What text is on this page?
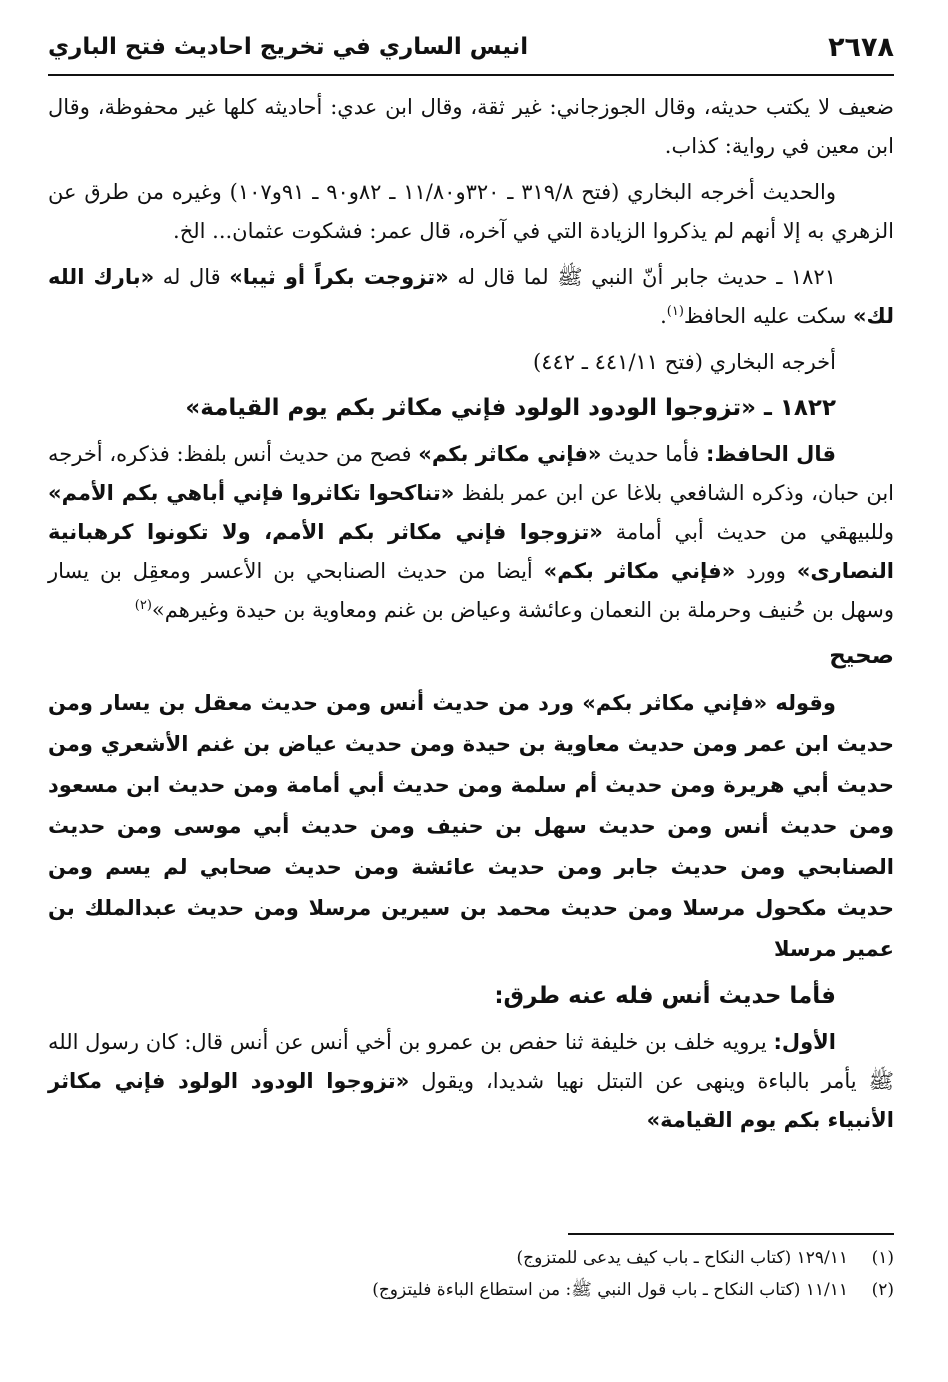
٢٦٧٨
انيس الساري في تخريج احاديث فتح الباري

ضعيف لا يكتب حديثه، وقال الجوزجاني: غير ثقة، وقال ابن عدي: أحاديثه كلها غير محفوظة، وقال ابن معين في رواية: كذاب.

والحديث أخرجه البخاري (فتح ٣١٩/٨ ـ ٣٢٠و١١/٨٠ ـ ٨٢و٩٠ ـ ٩١و١٠٧) وغيره من طرق عن الزهري به إلا أنهم لم يذكروا الزيادة التي في آخره، قال عمر: فشكوت عثمان... الخ.

١٨٢١ ـ حديث جابر أنّ النبي ﷺ لما قال له «تزوجت بكراً أو ثيبا» قال له «بارك الله لك» سكت عليه الحافظ$^{(١)}$.

أخرجه البخاري (فتح ٤٤١/١١ ـ ٤٤٢)

١٨٢٢ ـ «تزوجوا الودود الولود فإني مكاثر بكم يوم القيامة»

قال الحافظ: فأما حديث «فإني مكاثر بكم» فصح من حديث أنس بلفظ: فذكره، أخرجه ابن حبان، وذكره الشافعي بلاغا عن ابن عمر بلفظ «تناكحوا تكاثروا فإني أباهي بكم الأمم» وللبيهقي من حديث أبي أمامة «تزوجوا فإني مكاثر بكم الأمم، ولا تكونوا كرهبانية النصارى» وورد «فإني مكاثر بكم» أيضا من حديث الصنابحي بن الأعسر ومعقِل بن يسار وسهل بن حُنيف وحرملة بن النعمان وعائشة وعياض بن غنم ومعاوية بن حيدة وغيرهم»$^{(٢)}$

صحيح

وقوله «فإني مكاثر بكم» ورد من حديث أنس ومن حديث معقل بن يسار ومن حديث ابن عمر ومن حديث معاوية بن حيدة ومن حديث عياض بن غنم الأشعري ومن حديث أبي هريرة ومن حديث أم سلمة ومن حديث أبي أمامة ومن حديث ابن مسعود ومن حديث أنس ومن حديث سهل بن حنيف ومن حديث أبي موسى ومن حديث الصنابحي ومن حديث جابر ومن حديث عائشة ومن حديث صحابي لم يسم ومن حديث مكحول مرسلا ومن حديث محمد بن سيرين مرسلا ومن حديث عبدالملك بن عمير مرسلا

فأما حديث أنس فله عنه طرق:

الأول: يرويه خلف بن خليفة ثنا حفص بن عمرو بن أخي أنس عن أنس قال: كان رسول الله ﷺ يأمر بالباءة وينهى عن التبتل نهيا شديدا، ويقول «تزوجوا الودود الولود فإني مكاثر الأنبياء بكم يوم القيامة»

(١)
١٢٩/١١ (كتاب النكاح ـ باب كيف يدعى للمتزوج)
(٢)
١١/١١ (كتاب النكاح ـ باب قول النبي ﷺ: من استطاع الباءة فليتزوج)
